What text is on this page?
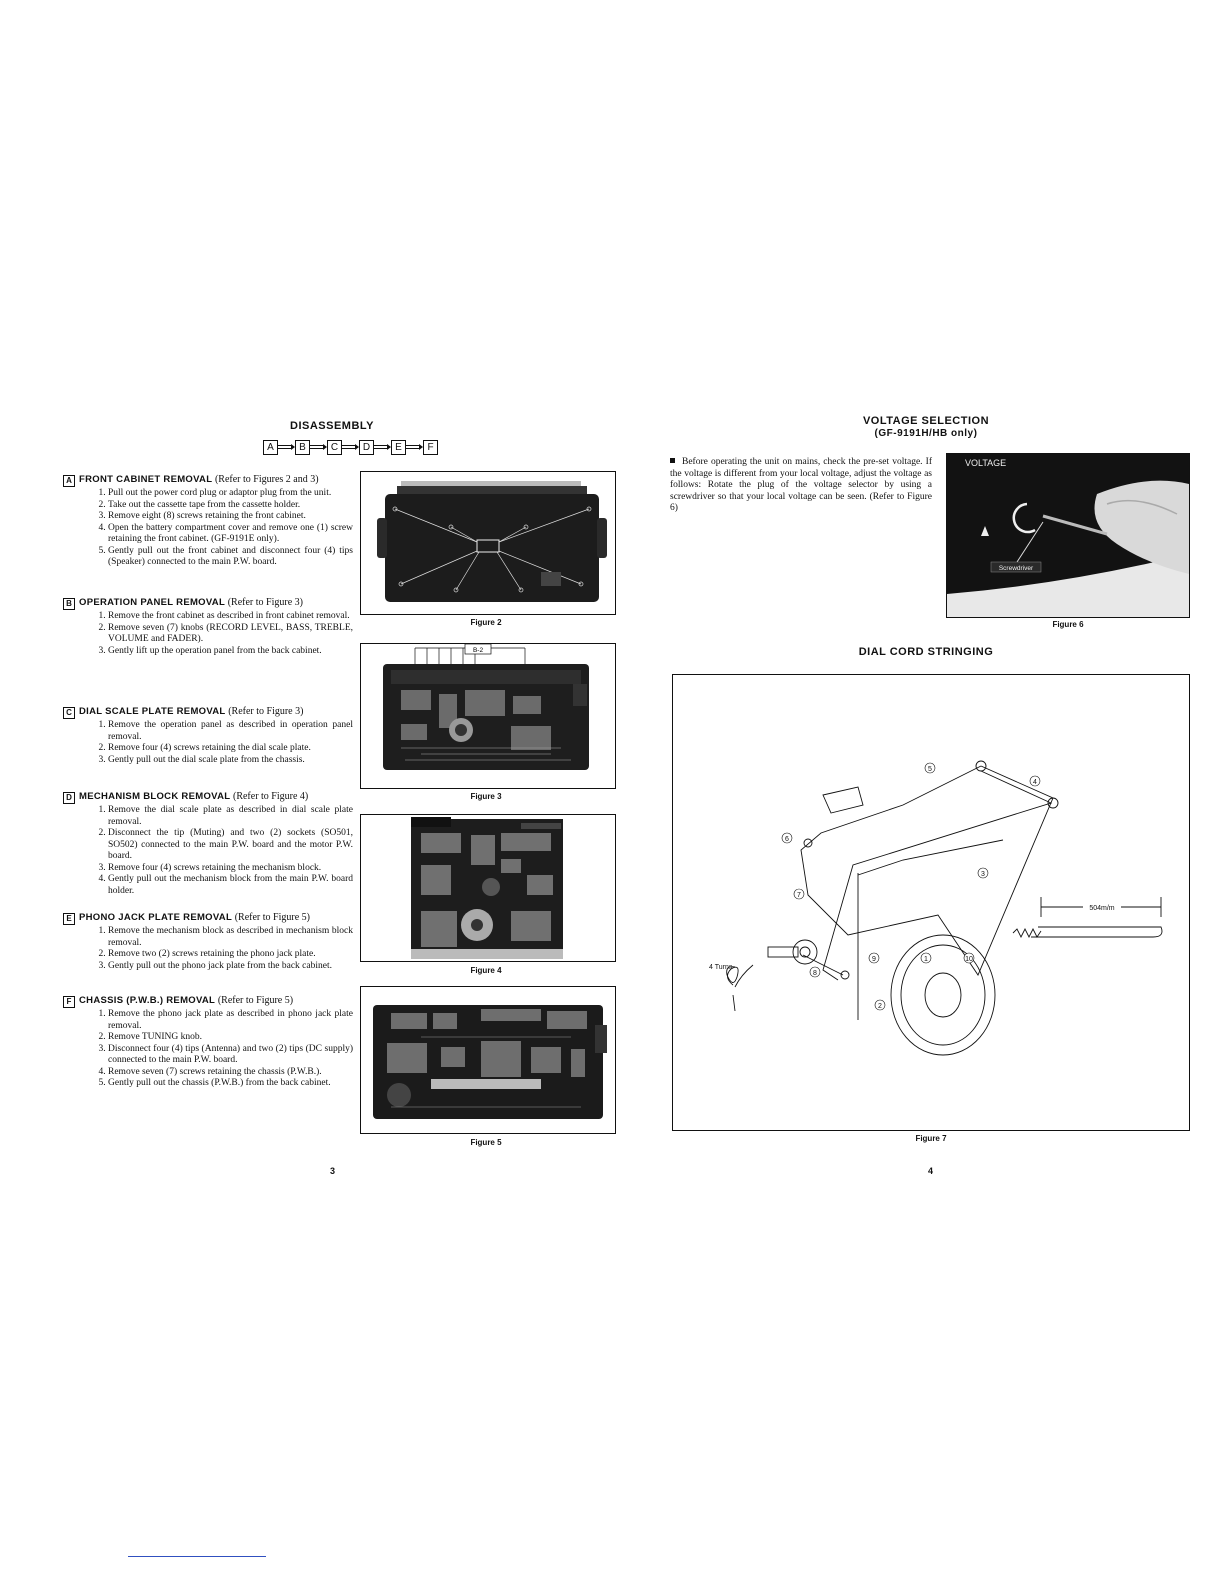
DISASSEMBLY
A	B	C	D	E	F
A FRONT CABINET REMOVAL (Refer to Figures 2 and 3)
1. Pull out the power cord plug or adaptor plug from the unit.
2. Take out the cassette tape from the cassette holder.
3. Remove eight (8) screws retaining the front cabinet.
4. Open the battery compartment cover and remove one (1) screw retaining the front cabinet. (GF-9191E only).
5. Gently pull out the front cabinet and disconnect four (4) tips (Speaker) connected to the main P.W. board.
B OPERATION PANEL REMOVAL (Refer to Figure 3)
1. Remove the front cabinet as described in front cabinet removal.
2. Remove seven (7) knobs (RECORD LEVEL, BASS, TREBLE, VOLUME and FADER).
3. Gently lift up the operation panel from the back cabinet.
C DIAL SCALE PLATE REMOVAL (Refer to Figure 3)
1. Remove the operation panel as described in operation panel removal.
2. Remove four (4) screws retaining the dial scale plate.
3. Gently pull out the dial scale plate from the chassis.
D MECHANISM BLOCK REMOVAL (Refer to Figure 4)
1. Remove the dial scale plate as described in dial scale plate removal.
2. Disconnect the tip (Muting) and two (2) sockets (SO501, SO502) connected to the main P.W. board and the motor P.W. board.
3. Remove four (4) screws retaining the mechanism block.
4. Gently pull out the mechanism block from the main P.W. board holder.
E PHONO JACK PLATE REMOVAL (Refer to Figure 5)
1. Remove the mechanism block as described in mechanism block removal.
2. Remove two (2) screws retaining the phono jack plate.
3. Gently pull out the phono jack plate from the back cabinet.
F CHASSIS (P.W.B.) REMOVAL (Refer to Figure 5)
1. Remove the phono jack plate as described in phono jack plate removal.
2. Remove TUNING knob.
3. Disconnect four (4) tips (Antenna) and two (2) tips (DC supply) connected to the main P.W. board.
4. Remove seven (7) screws retaining the chassis (P.W.B.).
5. Gently pull out the chassis (P.W.B.) from the back cabinet.
Figure 2
B-2
Figure 3
Figure 4
Figure 5
3
VOLTAGE SELECTION
(GF-9191H/HB only)
Before operating the unit on mains, check the pre-set voltage. If the voltage is different from your local voltage, adjust the voltage as follows: Rotate the plug of the voltage selector by using a screwdriver so that your local voltage can be seen. (Refer to Figure 6)
Screwdriver
VOLTAGE
Figure 6
DIAL CORD STRINGING
5
4
6
7
3
9
8
1	10
2
4 Turns
504m/m
Figure 7
4
